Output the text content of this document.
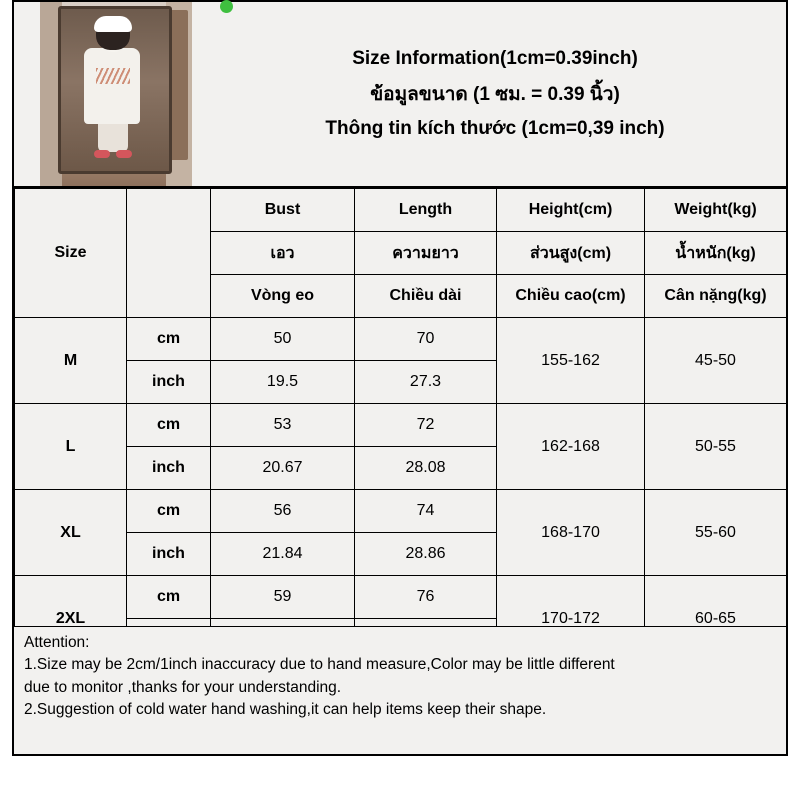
Size Information(1cm=0.39inch)
ข้อมูลขนาด (1 ซม. = 0.39 นิ้ว)
Thông tin kích thước (1cm=0,39 inch)
Size		Bust	Length	Height(cm)	Weight(kg)
		เอว	ความยาว	ส่วนสูง(cm)	น้ำหนัก(kg)
		Vòng eo	Chiều dài	Chiều cao(cm)	Cân nặng(kg)
M	cm	50	70	155-162	45-50
	inch	19.5	27.3		
L	cm	53	72	162-168	50-55
	inch	20.67	28.08		
XL	cm	56	74	168-170	55-60
	inch	21.84	28.86		
2XL	cm	59	76	170-172	60-65

Attention:

1.Size may be 2cm/1inch inaccuracy due to hand measure,Color may be little different

due to monitor ,thanks for your understanding.

2.Suggestion of cold water hand washing,it can help items keep their shape.
